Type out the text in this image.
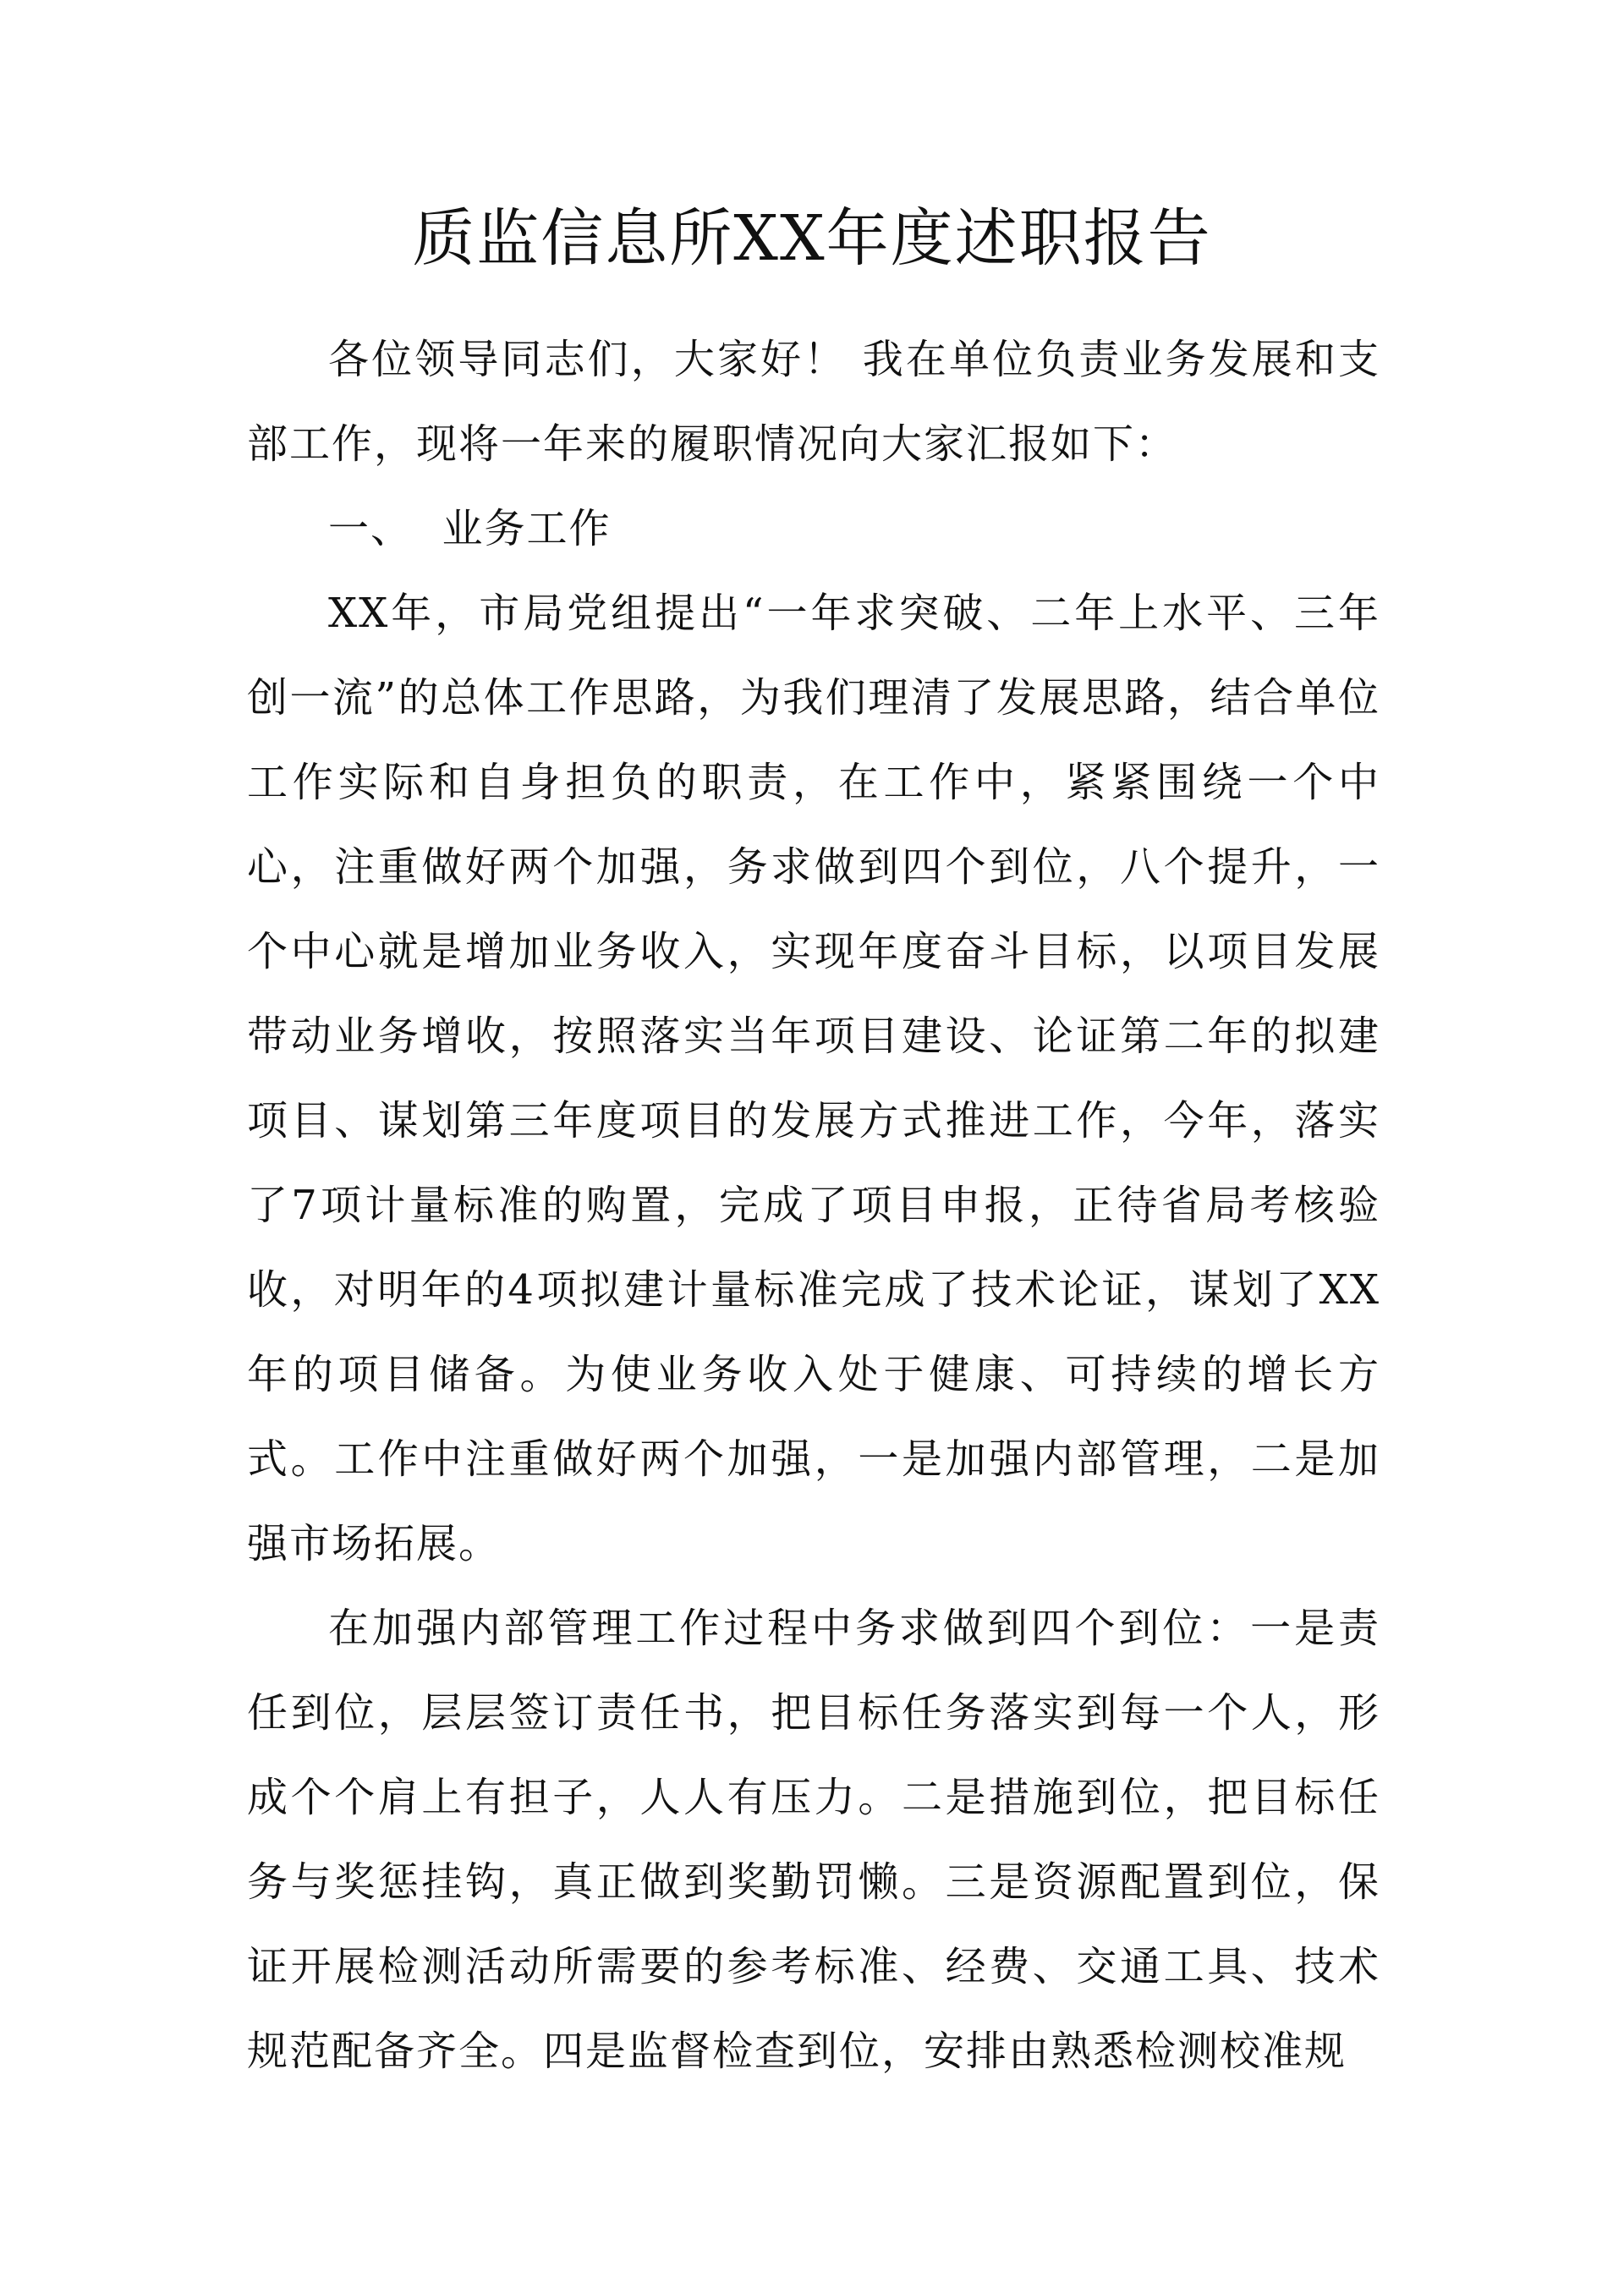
质监信息所XX年度述职报告

各位领导同志们，大家好！ 我在单位负责业务发展和支部工作，现将一年来的履职情况向大家汇报如下：

一、  业务工作

XX年，市局党组提出“一年求突破、二年上水平、三年创一流”的总体工作思路，为我们理清了发展思路，结合单位工作实际和自身担负的职责，在工作中，紧紧围绕一个中心，注重做好两个加强，务求做到四个到位，八个提升，一个中心就是增加业务收入，实现年度奋斗目标，以项目发展带动业务增收，按照落实当年项目建设、论证第二年的拟建项目、谋划第三年度项目的发展方式推进工作，今年，落实了7项计量标准的购置，完成了项目申报，正待省局考核验收，对明年的4项拟建计量标准完成了技术论证，谋划了XX年的项目储备。为使业务收入处于健康、可持续的增长方式。工作中注重做好两个加强，一是加强内部管理，二是加强市场拓展。

在加强内部管理工作过程中务求做到四个到位：一是责任到位，层层签订责任书，把目标任务落实到每一个人，形成个个肩上有担子，人人有压力。二是措施到位，把目标任务与奖惩挂钩，真正做到奖勤罚懒。三是资源配置到位，保证开展检测活动所需要的参考标准、经费、交通工具、技术规范配备齐全。四是监督检查到位，安排由熟悉检测校准规
